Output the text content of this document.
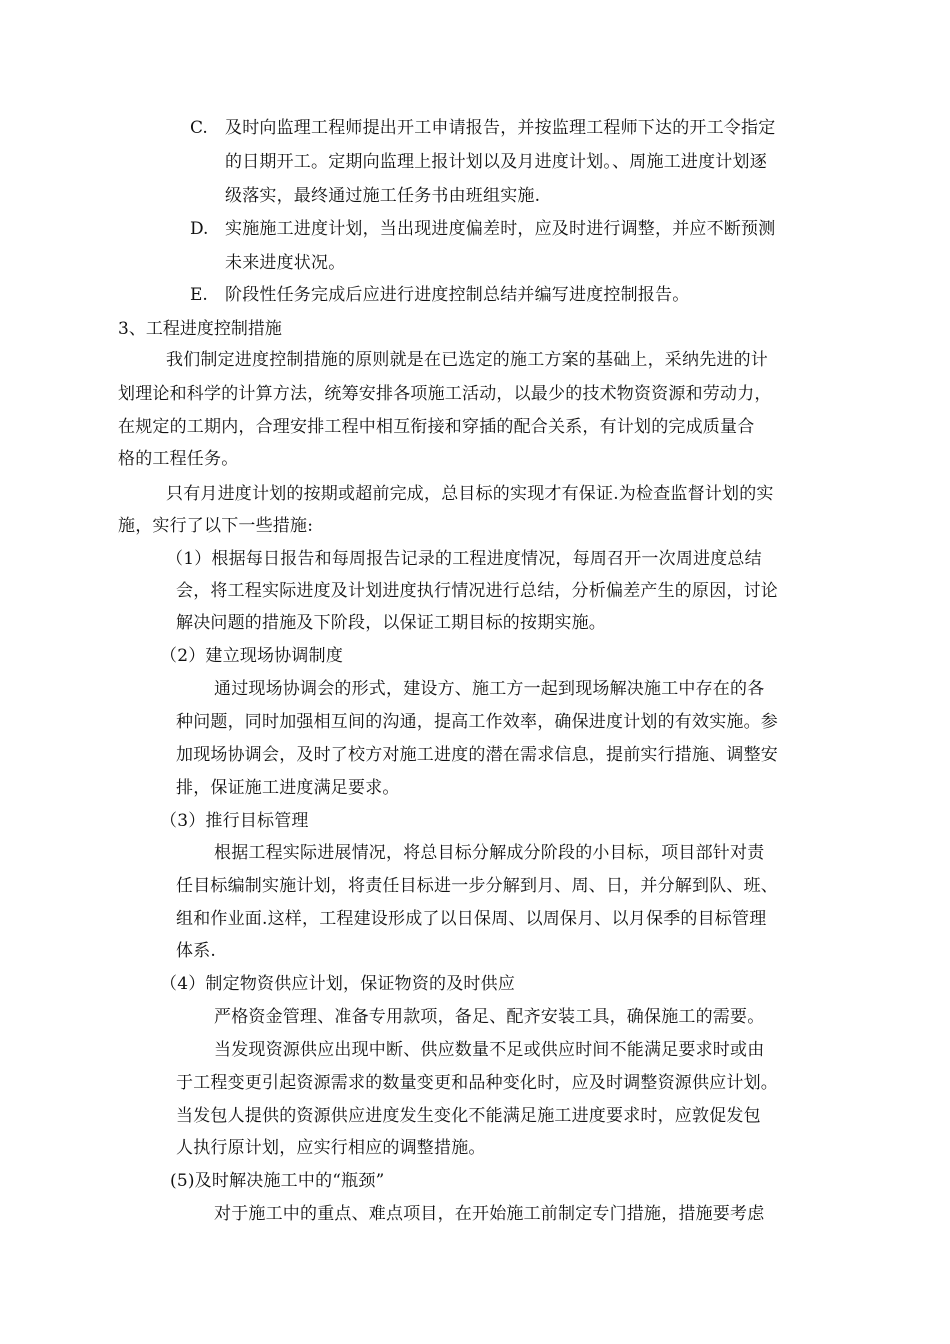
C. 及时向监理工程师提出开工申请报告，并按监理工程师下达的开工令指定
的日期开工。定期向监理上报计划以及月进度计划。、周施工进度计划逐
级落实，最终通过施工任务书由班组实施.
D. 实施施工进度计划，当出现进度偏差时，应及时进行调整，并应不断预测
未来进度状况。
E. 阶段性任务完成后应进行进度控制总结并编写进度控制报告。
3、工程进度控制措施
我们制定进度控制措施的原则就是在已选定的施工方案的基础上，采纳先进的计
划理论和科学的计算方法，统筹安排各项施工活动，以最少的技术物资资源和劳动力，
在规定的工期内，合理安排工程中相互衔接和穿插的配合关系，有计划的完成质量合
格的工程任务。
只有月进度计划的按期或超前完成，总目标的实现才有保证.为检查监督计划的实
施，实行了以下一些措施:
（1）根据每日报告和每周报告记录的工程进度情况，每周召开一次周进度总结
会，将工程实际进度及计划进度执行情况进行总结，分析偏差产生的原因，讨论
解决问题的措施及下阶段，以保证工期目标的按期实施。
（2）建立现场协调制度
通过现场协调会的形式，建设方、施工方一起到现场解决施工中存在的各
种问题，同时加强相互间的沟通，提高工作效率，确保进度计划的有效实施。参
加现场协调会，及时了校方对施工进度的潜在需求信息，提前实行措施、调整安
排，保证施工进度满足要求。
（3）推行目标管理
根据工程实际进展情况，将总目标分解成分阶段的小目标，项目部针对责
任目标编制实施计划，将责任目标进一步分解到月、周、日，并分解到队、班、
组和作业面.这样，工程建设形成了以日保周、以周保月、以月保季的目标管理
体系.
（4）制定物资供应计划，保证物资的及时供应
严格资金管理、准备专用款项，备足、配齐安装工具，确保施工的需要。
当发现资源供应出现中断、供应数量不足或供应时间不能满足要求时或由
于工程变更引起资源需求的数量变更和品种变化时，应及时调整资源供应计划。
当发包人提供的资源供应进度发生变化不能满足施工进度要求时，应敦促发包
人执行原计划，应实行相应的调整措施。
(5)及时解决施工中的“瓶颈”
对于施工中的重点、难点项目，在开始施工前制定专门措施，措施要考虑
